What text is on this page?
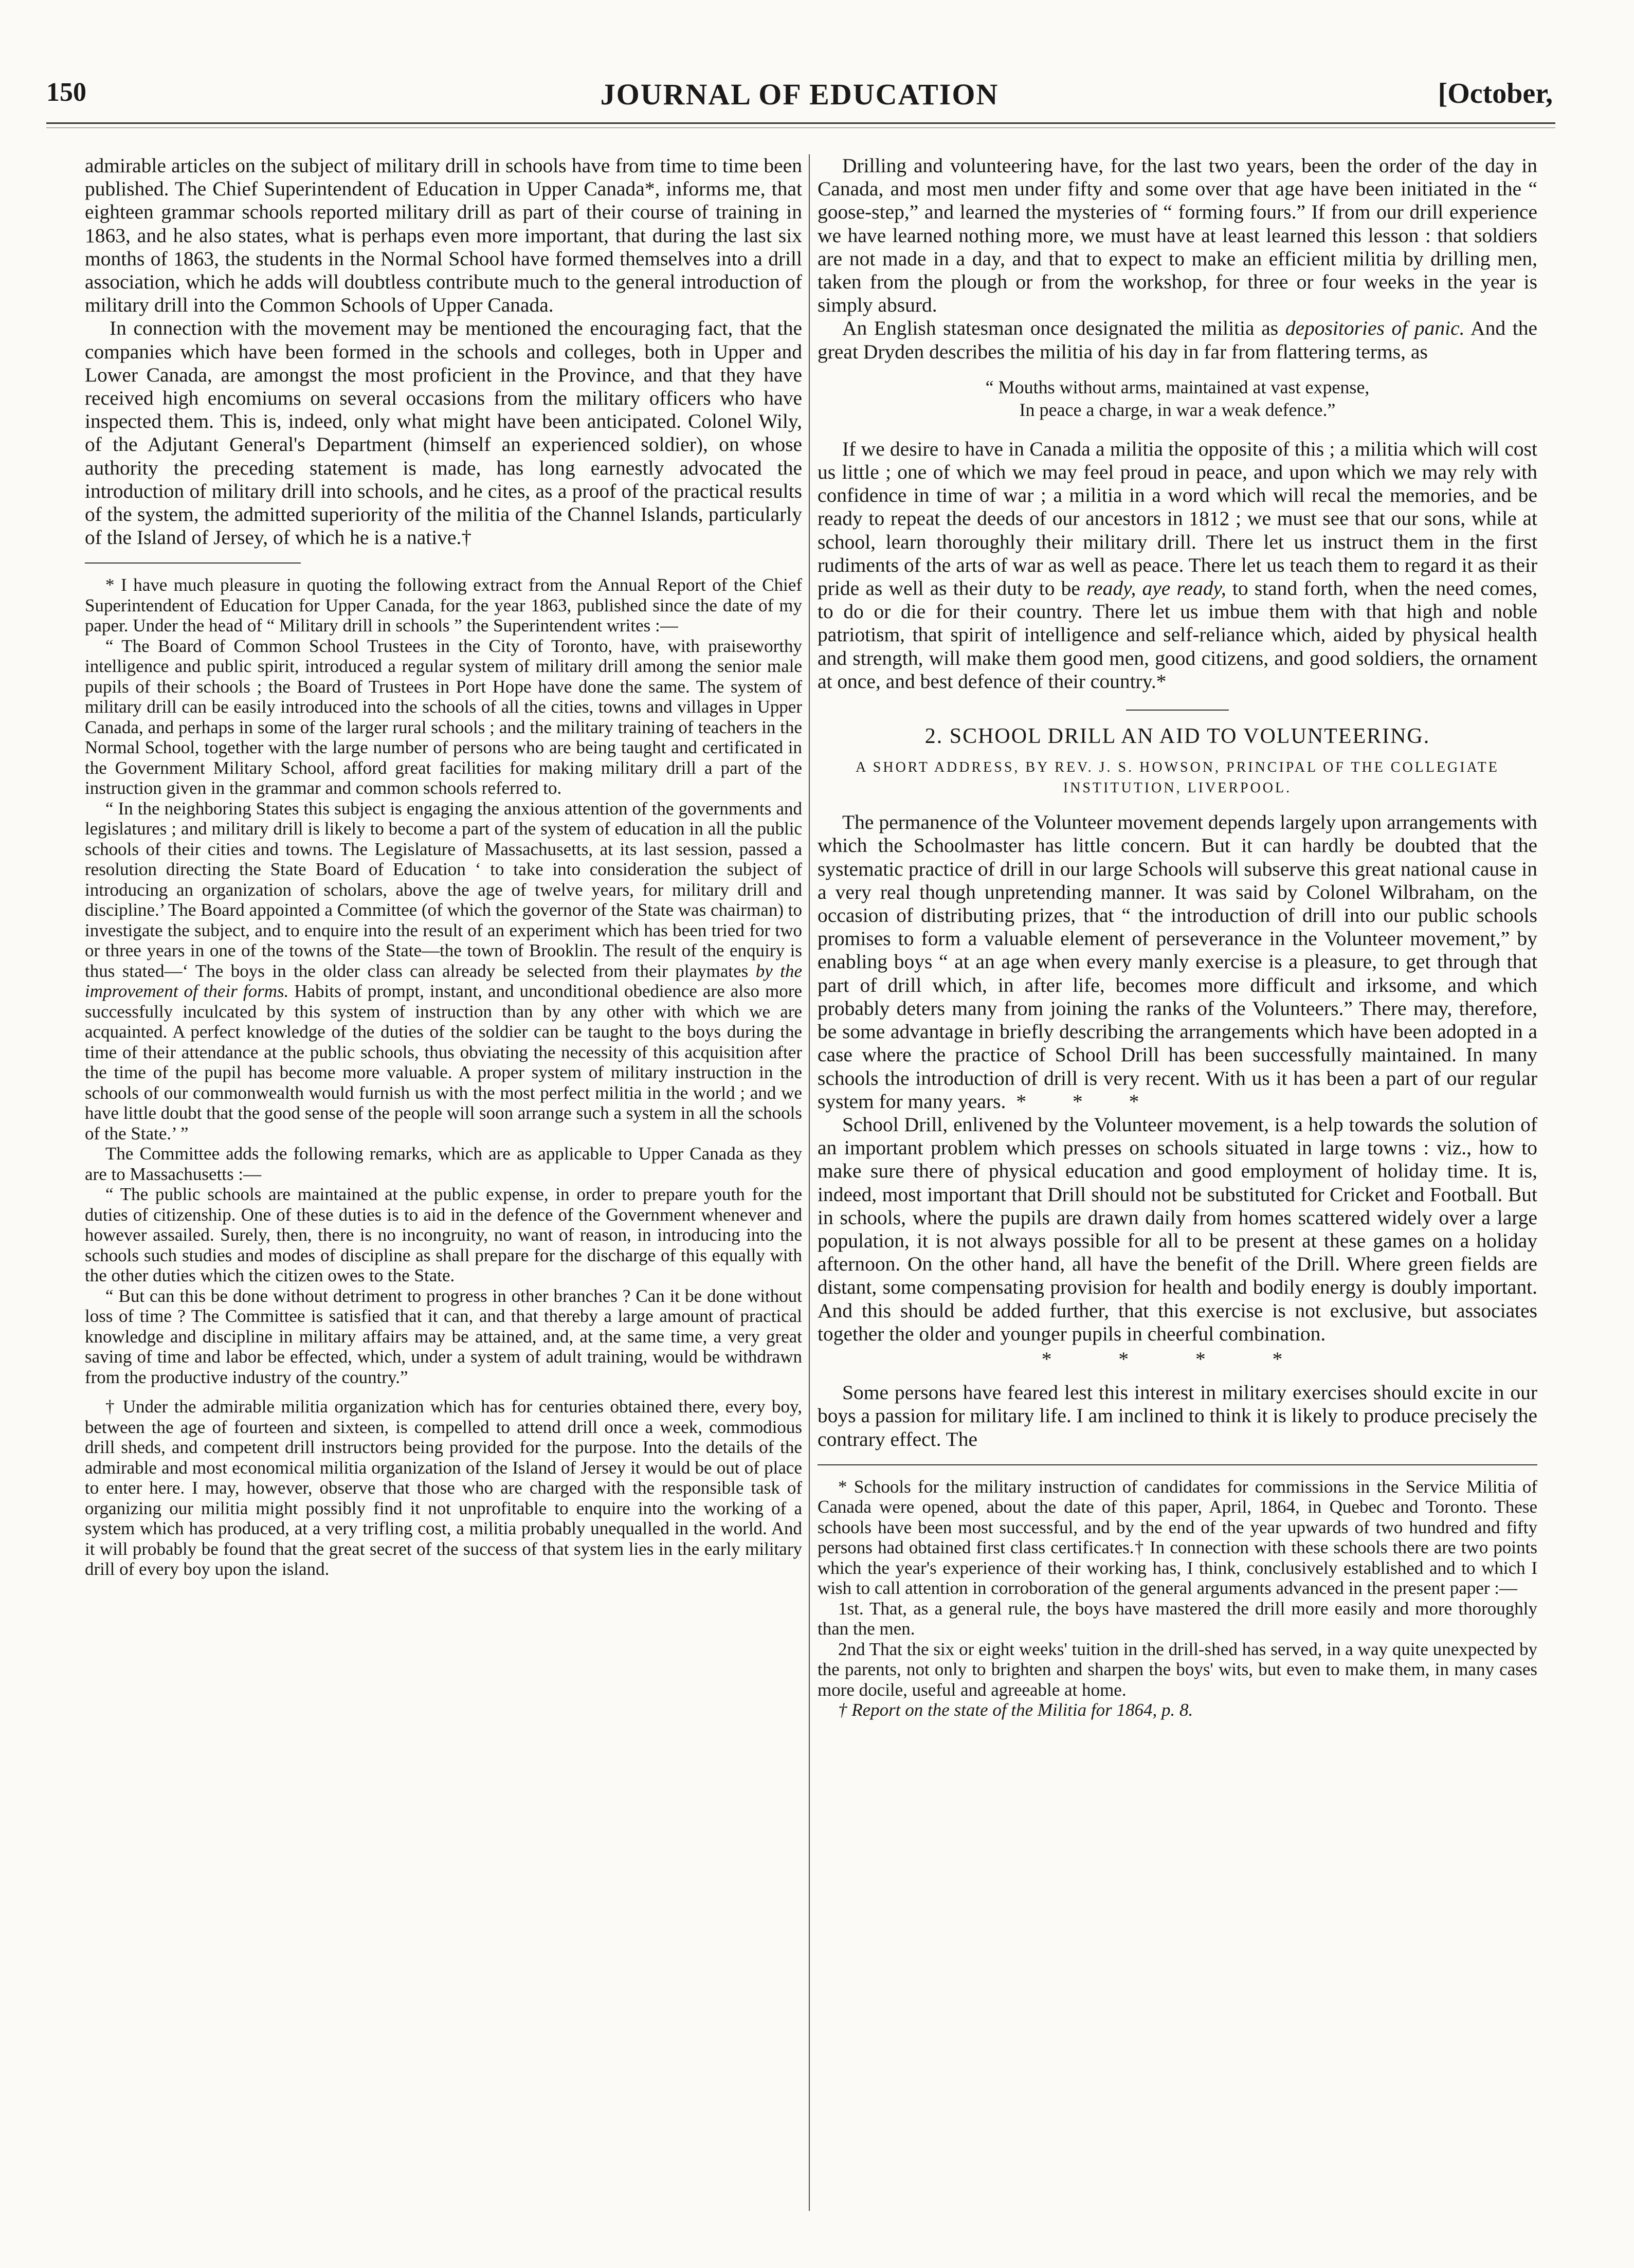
150	JOURNAL OF EDUCATION	[October,

admirable articles on the subject of military drill in schools have from time to time been published. The Chief Superintendent of Education in Upper Canada*, informs me, that eighteen grammar schools reported military drill as part of their course of training in 1863, and he also states, what is perhaps even more important, that during the last six months of 1863, the students in the Normal School have formed themselves into a drill association, which he adds will doubtless contribute much to the general introduction of military drill into the Common Schools of Upper Canada.

In connection with the movement may be mentioned the encouraging fact, that the companies which have been formed in the schools and colleges, both in Upper and Lower Canada, are amongst the most proficient in the Province, and that they have received high encomiums on several occasions from the military officers who have inspected them. This is, indeed, only what might have been anticipated. Colonel Wily, of the Adjutant General's Department (himself an experienced soldier), on whose authority the preceding statement is made, has long earnestly advocated the introduction of military drill into schools, and he cites, as a proof of the practical results of the system, the admitted superiority of the militia of the Channel Islands, particularly of the Island of Jersey, of which he is a native.†

* I have much pleasure in quoting the following extract from the Annual Report of the Chief Superintendent of Education for Upper Canada, for the year 1863, published since the date of my paper. Under the head of “ Military drill in schools ” the Superintendent writes :—

“ The Board of Common School Trustees in the City of Toronto, have, with praiseworthy intelligence and public spirit, introduced a regular system of military drill among the senior male pupils of their schools ; the Board of Trustees in Port Hope have done the same. The system of military drill can be easily introduced into the schools of all the cities, towns and villages in Upper Canada, and perhaps in some of the larger rural schools ; and the military training of teachers in the Normal School, together with the large number of persons who are being taught and certificated in the Government Military School, afford great facilities for making military drill a part of the instruction given in the grammar and common schools referred to.

“ In the neighboring States this subject is engaging the anxious attention of the governments and legislatures ; and military drill is likely to become a part of the system of education in all the public schools of their cities and towns. The Legislature of Massachusetts, at its last session, passed a resolution directing the State Board of Education ‘ to take into consideration the subject of introducing an organization of scholars, above the age of twelve years, for military drill and discipline.’ The Board appointed a Committee (of which the governor of the State was chairman) to investigate the subject, and to enquire into the result of an experiment which has been tried for two or three years in one of the towns of the State—the town of Brooklin. The result of the enquiry is thus stated—‘ The boys in the older class can already be selected from their playmates by the improvement of their forms. Habits of prompt, instant, and unconditional obedience are also more successfully inculcated by this system of instruction than by any other with which we are acquainted. A perfect knowledge of the duties of the soldier can be taught to the boys during the time of their attendance at the public schools, thus obviating the necessity of this acquisition after the time of the pupil has become more valuable. A proper system of military instruction in the schools of our commonwealth would furnish us with the most perfect militia in the world ; and we have little doubt that the good sense of the people will soon arrange such a system in all the schools of the State.’ ”

The Committee adds the following remarks, which are as applicable to Upper Canada as they are to Massachusetts :—

“ The public schools are maintained at the public expense, in order to prepare youth for the duties of citizenship. One of these duties is to aid in the defence of the Government whenever and however assailed. Surely, then, there is no incongruity, no want of reason, in introducing into the schools such studies and modes of discipline as shall prepare for the discharge of this equally with the other duties which the citizen owes to the State.

“ But can this be done without detriment to progress in other branches ? Can it be done without loss of time ? The Committee is satisfied that it can, and that thereby a large amount of practical knowledge and discipline in military affairs may be attained, and, at the same time, a very great saving of time and labor be effected, which, under a system of adult training, would be withdrawn from the productive industry of the country.”

† Under the admirable militia organization which has for centuries obtained there, every boy, between the age of fourteen and sixteen, is compelled to attend drill once a week, commodious drill sheds, and competent drill instructors being provided for the purpose. Into the details of the admirable and most economical militia organization of the Island of Jersey it would be out of place to enter here. I may, however, observe that those who are charged with the responsible task of organizing our militia might possibly find it not unprofitable to enquire into the working of a system which has produced, at a very trifling cost, a militia probably unequalled in the world. And it will probably be found that the great secret of the success of that system lies in the early military drill of every boy upon the island.

Drilling and volunteering have, for the last two years, been the order of the day in Canada, and most men under fifty and some over that age have been initiated in the “ goose-step,” and learned the mysteries of “ forming fours.” If from our drill experience we have learned nothing more, we must have at least learned this lesson : that soldiers are not made in a day, and that to expect to make an efficient militia by drilling men, taken from the plough or from the workshop, for three or four weeks in the year is simply absurd.

An English statesman once designated the militia as depositories of panic. And the great Dryden describes the militia of his day in far from flattering terms, as

“ Mouths without arms, maintained at vast expense,
In peace a charge, in war a weak defence.”

If we desire to have in Canada a militia the opposite of this ; a militia which will cost us little ; one of which we may feel proud in peace, and upon which we may rely with confidence in time of war ; a militia in a word which will recal the memories, and be ready to repeat the deeds of our ancestors in 1812 ; we must see that our sons, while at school, learn thoroughly their military drill. There let us instruct them in the first rudiments of the arts of war as well as peace. There let us teach them to regard it as their pride as well as their duty to be ready, aye ready, to stand forth, when the need comes, to do or die for their country. There let us imbue them with that high and noble patriotism, that spirit of intelligence and self-reliance which, aided by physical health and strength, will make them good men, good citizens, and good soldiers, the ornament at once, and best defence of their country.*

2. SCHOOL DRILL AN AID TO VOLUNTEERING.
A SHORT ADDRESS, BY REV. J. S. HOWSON, PRINCIPAL OF THE COLLEGIATE INSTITUTION, LIVERPOOL.

The permanence of the Volunteer movement depends largely upon arrangements with which the Schoolmaster has little concern. But it can hardly be doubted that the systematic practice of drill in our large Schools will subserve this great national cause in a very real though unpretending manner. It was said by Colonel Wilbraham, on the occasion of distributing prizes, that “ the introduction of drill into our public schools promises to form a valuable element of perseverance in the Volunteer movement,” by enabling boys “ at an age when every manly exercise is a pleasure, to get through that part of drill which, in after life, becomes more difficult and irksome, and which probably deters many from joining the ranks of the Volunteers.” There may, therefore, be some advantage in briefly describing the arrangements which have been adopted in a case where the practice of School Drill has been successfully maintained. In many schools the introduction of drill is very recent. With us it has been a part of our regular system for many years. * * *

School Drill, enlivened by the Volunteer movement, is a help towards the solution of an important problem which presses on schools situated in large towns : viz., how to make sure there of physical education and good employment of holiday time. It is, indeed, most important that Drill should not be substituted for Cricket and Football. But in schools, where the pupils are drawn daily from homes scattered widely over a large population, it is not always possible for all to be present at these games on a holiday afternoon. On the other hand, all have the benefit of the Drill. Where green fields are distant, some compensating provision for health and bodily energy is doubly important. And this should be added further, that this exercise is not exclusive, but associates together the older and younger pupils in cheerful combination.

* * * *

Some persons have feared lest this interest in military exercises should excite in our boys a passion for military life. I am inclined to think it is likely to produce precisely the contrary effect. The

* Schools for the military instruction of candidates for commissions in the Service Militia of Canada were opened, about the date of this paper, April, 1864, in Quebec and Toronto. These schools have been most successful, and by the end of the year upwards of two hundred and fifty persons had obtained first class certificates.† In connection with these schools there are two points which the year's experience of their working has, I think, conclusively established and to which I wish to call attention in corroboration of the general arguments advanced in the present paper :—

1st. That, as a general rule, the boys have mastered the drill more easily and more thoroughly than the men.

2nd That the six or eight weeks' tuition in the drill-shed has served, in a way quite unexpected by the parents, not only to brighten and sharpen the boys' wits, but even to make them, in many cases more docile, useful and agreeable at home.

† Report on the state of the Militia for 1864, p. 8.
